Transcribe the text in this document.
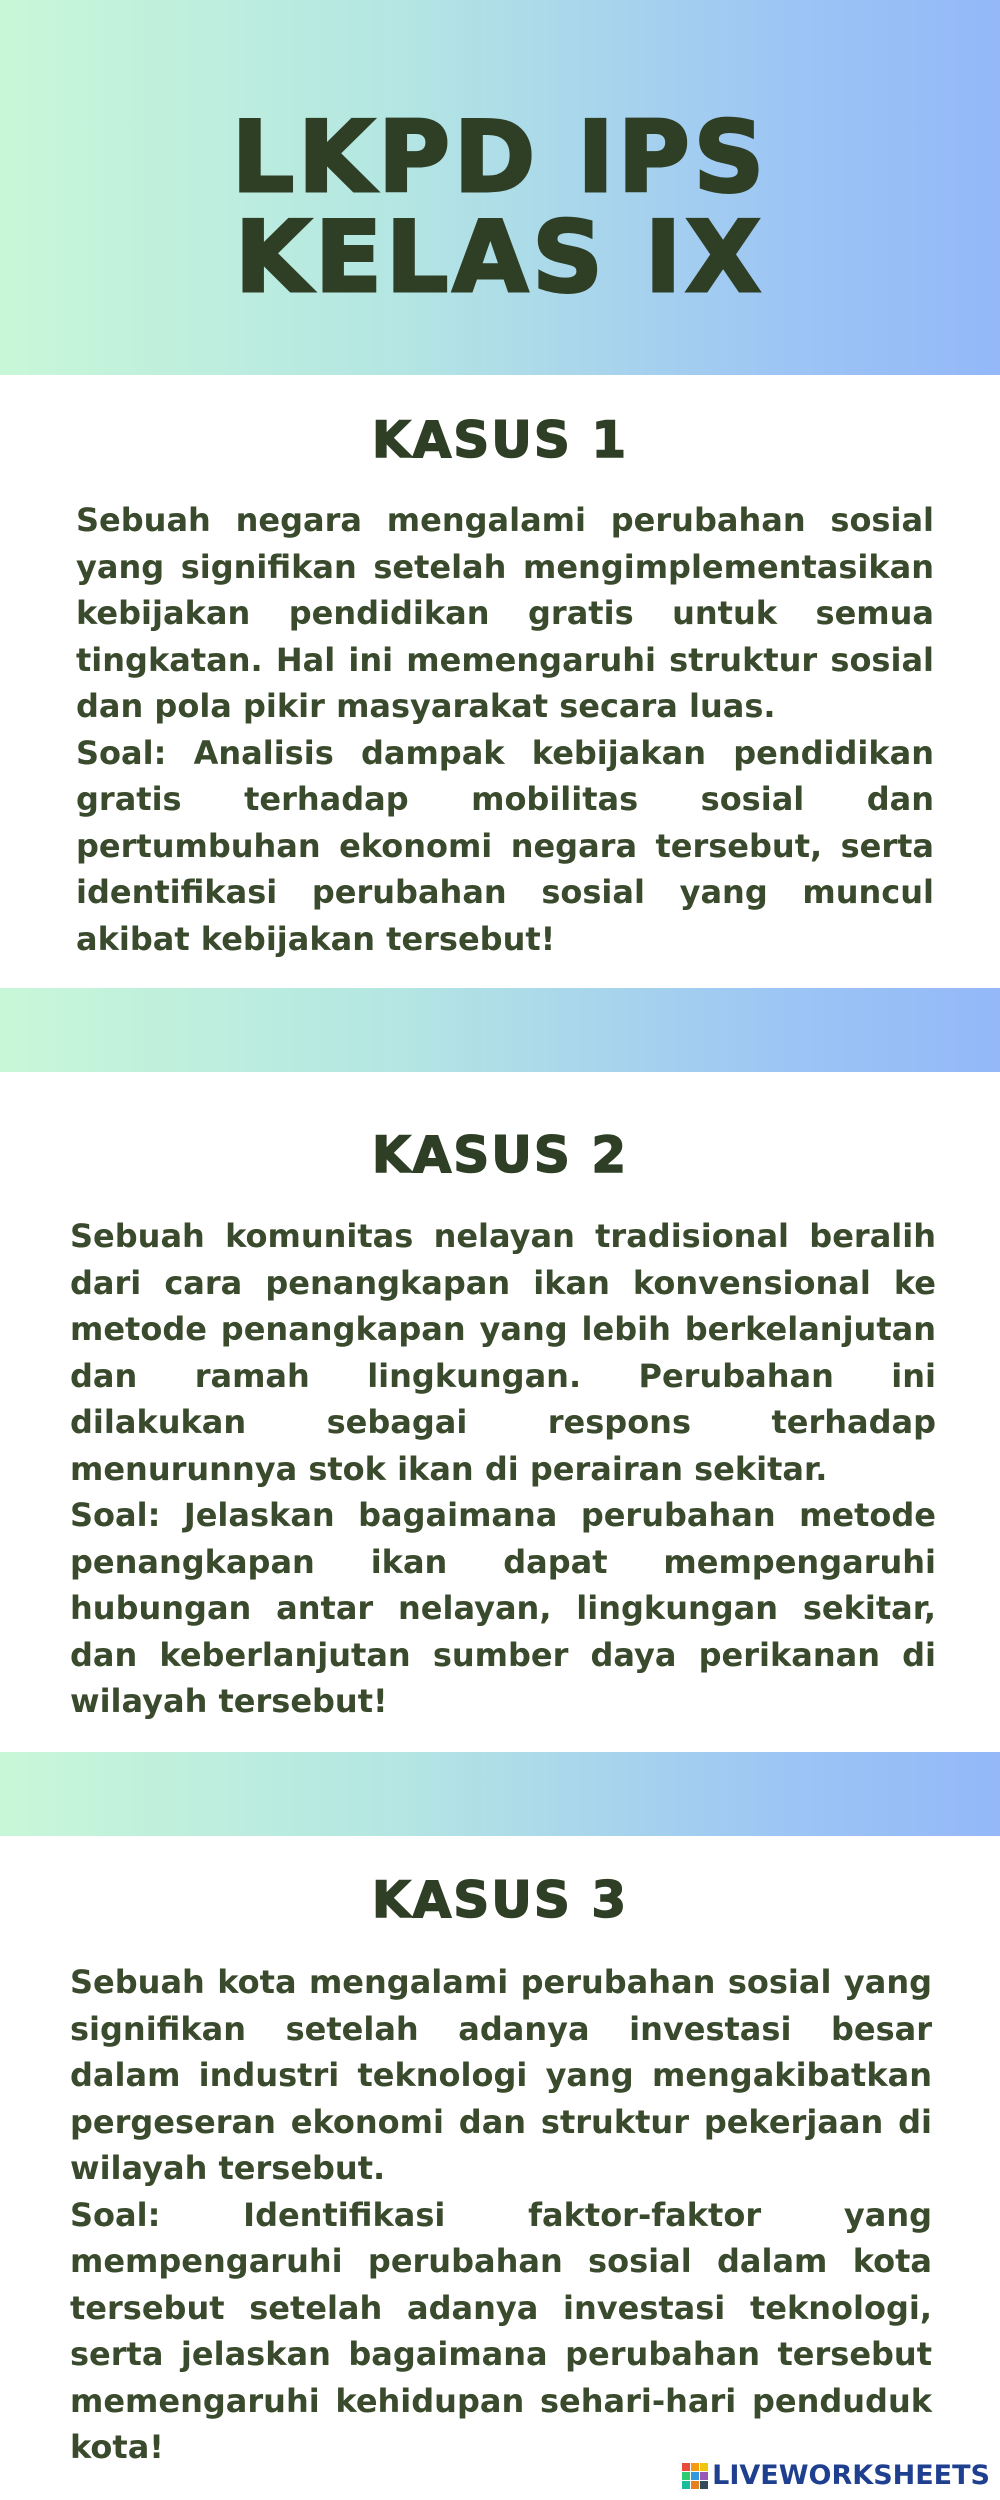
LKPD IPS
KELAS IX
KASUS 1

Sebuah negara mengalami perubahan sosial yang signifikan setelah mengimplementasikan kebijakan pendidikan gratis untuk semua tingkatan. Hal ini memengaruhi struktur sosial dan pola pikir masyarakat secara luas.

Soal: Analisis dampak kebijakan pendidikan gratis terhadap mobilitas sosial dan pertumbuhan ekonomi negara tersebut, serta identifikasi perubahan sosial yang muncul akibat kebijakan tersebut!

KASUS 2

Sebuah komunitas nelayan tradisional beralih dari cara penangkapan ikan konvensional ke metode penangkapan yang lebih berkelanjutan dan ramah lingkungan. Perubahan ini dilakukan sebagai respons terhadap menurunnya stok ikan di perairan sekitar.

Soal: Jelaskan bagaimana perubahan metode penangkapan ikan dapat mempengaruhi hubungan antar nelayan, lingkungan sekitar, dan keberlanjutan sumber daya perikanan di wilayah tersebut!

KASUS 3

Sebuah kota mengalami perubahan sosial yang signifikan setelah adanya investasi besar dalam industri teknologi yang mengakibatkan pergeseran ekonomi dan struktur pekerjaan di wilayah tersebut.

Soal: Identifikasi faktor-faktor yang mempengaruhi perubahan sosial dalam kota tersebut setelah adanya investasi teknologi, serta jelaskan bagaimana perubahan tersebut memengaruhi kehidupan sehari-hari penduduk kota!

LIVEWORKSHEETS
